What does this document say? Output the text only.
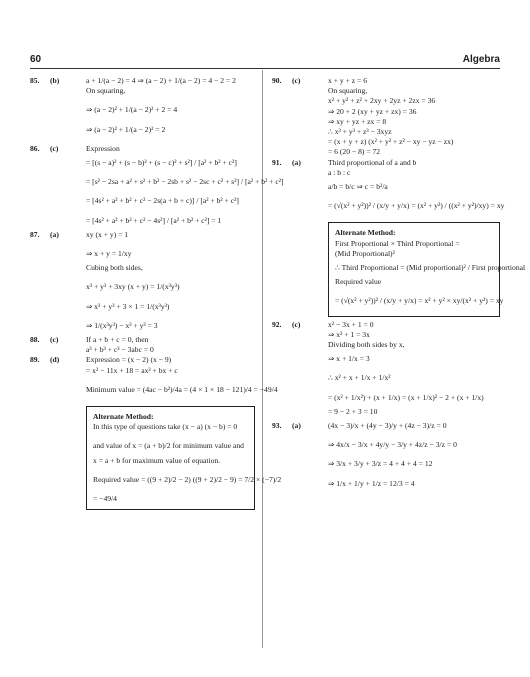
60	Algebra
85. (b)	a + 1/(a − 2) = 4 ⇒ (a − 2) + 1/(a − 2) = 4 − 2 = 2
On squaring,
⇒ (a − 2)² + 1/(a − 2)² + 2 = 4
⇒ (a − 2)² + 1/(a − 2)² = 2
86. (c)	Expression
= [(s − a)² + (s − b)² + (s − c)² + s²] / [a² + b² + c²]
= [s² − 2sa + a² + s² + b² − 2sb + s² − 2sc + c² + s²] / [a² + b² + c²]
= [4s² + a² + b² + c² − 2s(a + b + c)] / [a² + b² + c²]
= [4s² + a² + b² + c² − 4s²] / [a² + b² + c²] = 1
87. (a)	xy (x + y) = 1
⇒ x + y = 1/xy
Cubing both sides,
x³ + y³ + 3xy (x + y) = 1/(x³y³)
⇒ x³ + y³ + 3 × 1 = 1/(x³y³)
⇒ 1/(x³y³) − x³ + y³ = 3
88. (c)	If a + b + c = 0, then
a³ + b³ + c³ − 3abc = 0
89. (d)	Expression = (x − 2) (x − 9)
= x² − 11x + 18 = ax² + bx + c
Minimum value = (4ac − b²)/4a = (4 × 1 × 18 − 121)/4 = −49/4
Alternate Method:
In this type of questions take (x − a) (x − b) = 0
and value of x = (a + b)/2 for minimum value and
x = a + b for maximum value of equation.
Required value = ((9 + 2)/2 − 2) ((9 + 2)/2 − 9) = 7/2 × (−7)/2
= −49/4
90. (c)	x + y + z = 6
On squaring,
x² + y² + z² + 2xy + 2yz + 2zx = 36
⇒ 20 + 2 (xy + yz + zx) = 36
⇒ xy + yz + zx = 8
∴ x³ + y³ + z³ − 3xyz
= (x + y + z) (x² + y² + z² − xy − yz − zx)
= 6 (20 − 8) = 72
91. (a)	Third proportional of a and b
a : b : c
a/b = b/c ⇒ c = b²/a
= (√(x² + y²))² / (x/y + y/x) = (x² + y²) / ((x² + y²)/xy) = xy
Alternate Method:
First Proportional × Third Proportional =
(Mid Proportional)²
∴ Third Proportional = (Mid proportional)² / First proportional
Required value
= (√(x² + y²))² / (x/y + y/x) = x² + y² × xy/(x² + y²) = xy
92. (c)	x² − 3x + 1 = 0
⇒ x² + 1 = 3x
Dividing both sides by x,
⇒ x + 1/x = 3
∴ x² + x + 1/x + 1/x²
= (x² + 1/x²) + (x + 1/x) = (x + 1/x)² − 2 + (x + 1/x)
= 9 − 2 + 3 = 10
93. (a)	(4x − 3)/x + (4y − 3)/y + (4z − 3)/z = 0
⇒ 4x/x − 3/x + 4y/y − 3/y + 4z/z − 3/z = 0
⇒ 3/x + 3/y + 3/z = 4 + 4 + 4 = 12
⇒ 1/x + 1/y + 1/z = 12/3 = 4
